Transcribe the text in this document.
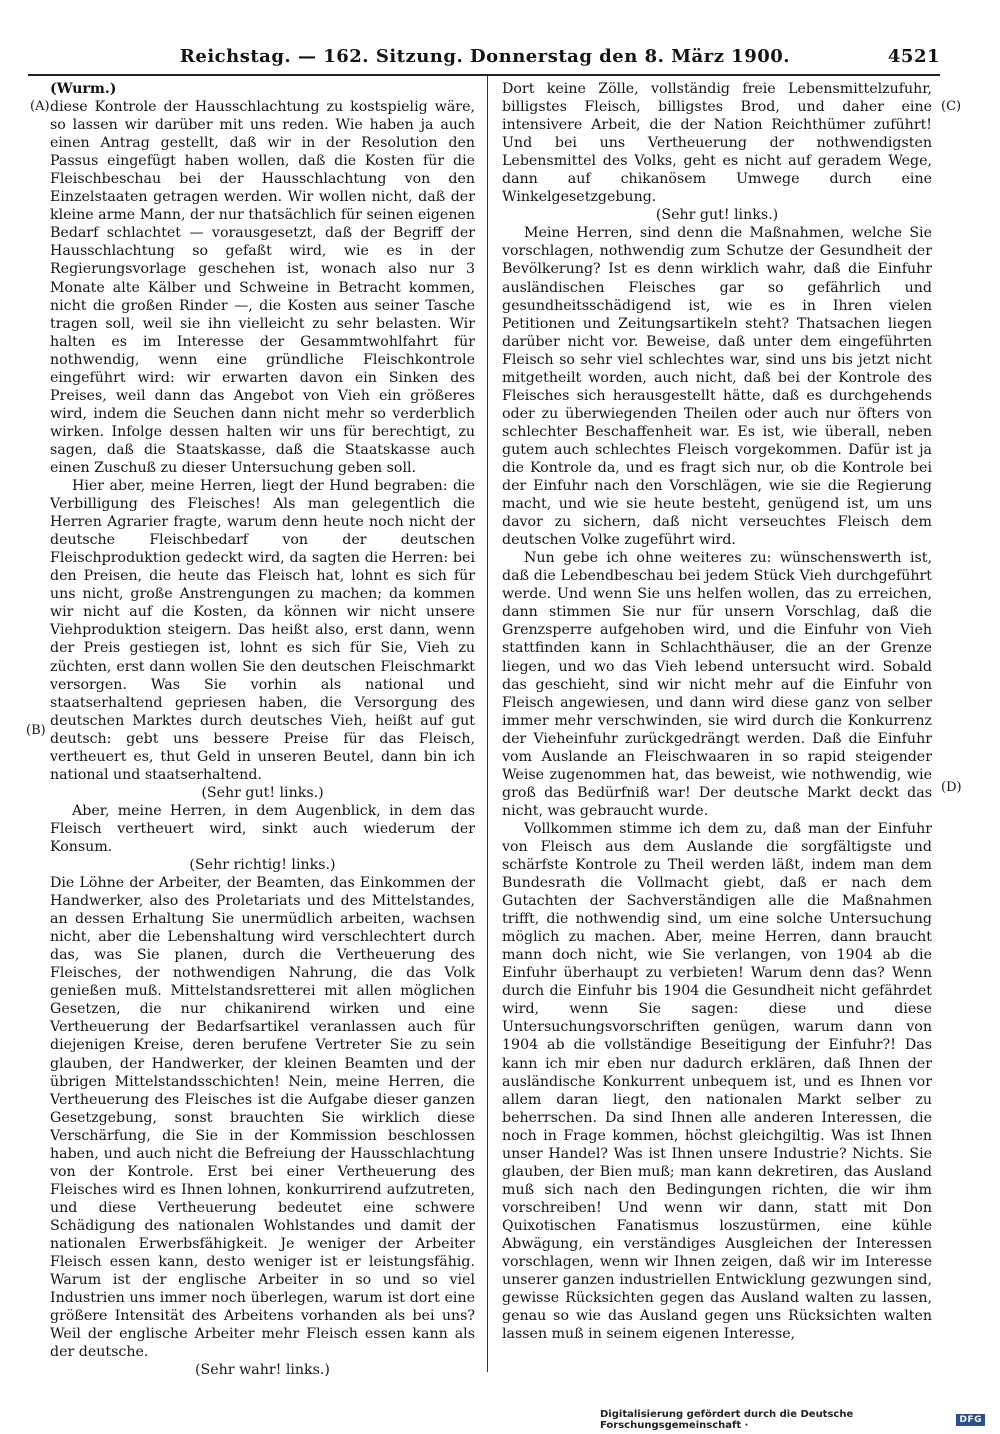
Reichstag. — 162. Sitzung. Donnerstag den 8. März 1900.	4521
(A)
(B)
(C)
(D)

(Wurm.)

diese Kontrole der Hausschlachtung zu kostspielig wäre, so lassen wir darüber mit uns reden. Wie haben ja auch einen Antrag gestellt, daß wir in der Resolution den Passus eingefügt haben wollen, daß die Kosten für die Fleischbeschau bei der Hausschlachtung von den Einzelstaaten getragen werden. Wir wollen nicht, daß der kleine arme Mann, der nur thatsächlich für seinen eigenen Bedarf schlachtet — vorausgesetzt, daß der Begriff der Hausschlachtung so gefaßt wird, wie es in der Regierungsvorlage geschehen ist, wonach also nur 3 Monate alte Kälber und Schweine in Betracht kommen, nicht die großen Rinder —, die Kosten aus seiner Tasche tragen soll, weil sie ihn vielleicht zu sehr belasten. Wir halten es im Interesse der Gesammtwohlfahrt für nothwendig, wenn eine gründliche Fleischkontrole eingeführt wird: wir erwarten davon ein Sinken des Preises, weil dann das Angebot von Vieh ein größeres wird, indem die Seuchen dann nicht mehr so verderblich wirken. Infolge dessen halten wir uns für berechtigt, zu sagen, daß die Staatskasse, daß die Staatskasse auch einen Zuschuß zu dieser Untersuchung geben soll.

Hier aber, meine Herren, liegt der Hund begraben: die Verbilligung des Fleisches! Als man gelegentlich die Herren Agrarier fragte, warum denn heute noch nicht der deutsche Fleischbedarf von der deutschen Fleischproduktion gedeckt wird, da sagten die Herren: bei den Preisen, die heute das Fleisch hat, lohnt es sich für uns nicht, große Anstrengungen zu machen; da kommen wir nicht auf die Kosten, da können wir nicht unsere Viehproduktion steigern. Das heißt also, erst dann, wenn der Preis gestiegen ist, lohnt es sich für Sie, Vieh zu züchten, erst dann wollen Sie den deutschen Fleischmarkt versorgen. Was Sie vorhin als national und staatserhaltend gepriesen haben, die Versorgung des deutschen Marktes durch deutsches Vieh, heißt auf gut deutsch: gebt uns bessere Preise für das Fleisch, vertheuert es, thut Geld in unseren Beutel, dann bin ich national und staatserhaltend.

(Sehr gut! links.)

Aber, meine Herren, in dem Augenblick, in dem das Fleisch vertheuert wird, sinkt auch wiederum der Konsum.

(Sehr richtig! links.)

Die Löhne der Arbeiter, der Beamten, das Einkommen der Handwerker, also des Proletariats und des Mittelstandes, an dessen Erhaltung Sie unermüdlich arbeiten, wachsen nicht, aber die Lebenshaltung wird verschlechtert durch das, was Sie planen, durch die Vertheuerung des Fleisches, der nothwendigen Nahrung, die das Volk genießen muß. Mittelstandsretterei mit allen möglichen Gesetzen, die nur chikanirend wirken und eine Vertheuerung der Bedarfsartikel veranlassen auch für diejenigen Kreise, deren berufene Vertreter Sie zu sein glauben, der Handwerker, der kleinen Beamten und der übrigen Mittelstandsschichten! Nein, meine Herren, die Vertheuerung des Fleisches ist die Aufgabe dieser ganzen Gesetzgebung, sonst brauchten Sie wirklich diese Verschärfung, die Sie in der Kommission beschlossen haben, und auch nicht die Befreiung der Hausschlachtung von der Kontrole. Erst bei einer Vertheuerung des Fleisches wird es Ihnen lohnen, konkurrirend aufzutreten, und diese Vertheuerung bedeutet eine schwere Schädigung des nationalen Wohlstandes und damit der nationalen Erwerbsfähigkeit. Je weniger der Arbeiter Fleisch essen kann, desto weniger ist er leistungsfähig. Warum ist der englische Arbeiter in so und so viel Industrien uns immer noch überlegen, warum ist dort eine größere Intensität des Arbeitens vorhanden als bei uns? Weil der englische Arbeiter mehr Fleisch essen kann als der deutsche.

(Sehr wahr! links.)

Dort keine Zölle, vollständig freie Lebensmittelzufuhr, billigstes Fleisch, billigstes Brod, und daher eine intensivere Arbeit, die der Nation Reichthümer zuführt! Und bei uns Vertheuerung der nothwendigsten Lebensmittel des Volks, geht es nicht auf geradem Wege, dann auf chikanösem Umwege durch eine Winkelgesetzgebung.

(Sehr gut! links.)

Meine Herren, sind denn die Maßnahmen, welche Sie vorschlagen, nothwendig zum Schutze der Gesundheit der Bevölkerung? Ist es denn wirklich wahr, daß die Einfuhr ausländischen Fleisches gar so gefährlich und gesundheitsschädigend ist, wie es in Ihren vielen Petitionen und Zeitungsartikeln steht? Thatsachen liegen darüber nicht vor. Beweise, daß unter dem eingeführten Fleisch so sehr viel schlechtes war, sind uns bis jetzt nicht mitgetheilt worden, auch nicht, daß bei der Kontrole des Fleisches sich herausgestellt hätte, daß es durchgehends oder zu überwiegenden Theilen oder auch nur öfters von schlechter Beschaffenheit war. Es ist, wie überall, neben gutem auch schlechtes Fleisch vorgekommen. Dafür ist ja die Kontrole da, und es fragt sich nur, ob die Kontrole bei der Einfuhr nach den Vorschlägen, wie sie die Regierung macht, und wie sie heute besteht, genügend ist, um uns davor zu sichern, daß nicht verseuchtes Fleisch dem deutschen Volke zugeführt wird.

Nun gebe ich ohne weiteres zu: wünschenswerth ist, daß die Lebendbeschau bei jedem Stück Vieh durchgeführt werde. Und wenn Sie uns helfen wollen, das zu erreichen, dann stimmen Sie nur für unsern Vorschlag, daß die Grenzsperre aufgehoben wird, und die Einfuhr von Vieh stattfinden kann in Schlachthäuser, die an der Grenze liegen, und wo das Vieh lebend untersucht wird. Sobald das geschieht, sind wir nicht mehr auf die Einfuhr von Fleisch angewiesen, und dann wird diese ganz von selber immer mehr verschwinden, sie wird durch die Konkurrenz der Vieheinfuhr zurückgedrängt werden. Daß die Einfuhr vom Auslande an Fleischwaaren in so rapid steigender Weise zugenommen hat, das beweist, wie nothwendig, wie groß das Bedürfniß war! Der deutsche Markt deckt das nicht, was gebraucht wurde.

Vollkommen stimme ich dem zu, daß man der Einfuhr von Fleisch aus dem Auslande die sorgfältigste und schärfste Kontrole zu Theil werden läßt, indem man dem Bundesrath die Vollmacht giebt, daß er nach dem Gutachten der Sachverständigen alle die Maßnahmen trifft, die nothwendig sind, um eine solche Untersuchung möglich zu machen. Aber, meine Herren, dann braucht mann doch nicht, wie Sie verlangen, von 1904 ab die Einfuhr überhaupt zu verbieten! Warum denn das? Wenn durch die Einfuhr bis 1904 die Gesundheit nicht gefährdet wird, wenn Sie sagen: diese und diese Untersuchungsvorschriften genügen, warum dann von 1904 ab die vollständige Beseitigung der Einfuhr?! Das kann ich mir eben nur dadurch erklären, daß Ihnen der ausländische Konkurrent unbequem ist, und es Ihnen vor allem daran liegt, den nationalen Markt selber zu beherrschen. Da sind Ihnen alle anderen Interessen, die noch in Frage kommen, höchst gleichgiltig. Was ist Ihnen unser Handel? Was ist Ihnen unsere Industrie? Nichts. Sie glauben, der Bien muß; man kann dekretiren, das Ausland muß sich nach den Bedingungen richten, die wir ihm vorschreiben! Und wenn wir dann, statt mit Don Quixotischen Fanatismus loszustürmen, eine kühle Abwägung, ein verständiges Ausgleichen der Interessen vorschlagen, wenn wir Ihnen zeigen, daß wir im Interesse unserer ganzen industriellen Entwicklung gezwungen sind, gewisse Rücksichten gegen das Ausland walten zu lassen, genau so wie das Ausland gegen uns Rücksichten walten lassen muß in seinem eigenen Interesse,

Digitalisierung gefördert durch die Deutsche Forschungsgemeinschaft ·	DFG
